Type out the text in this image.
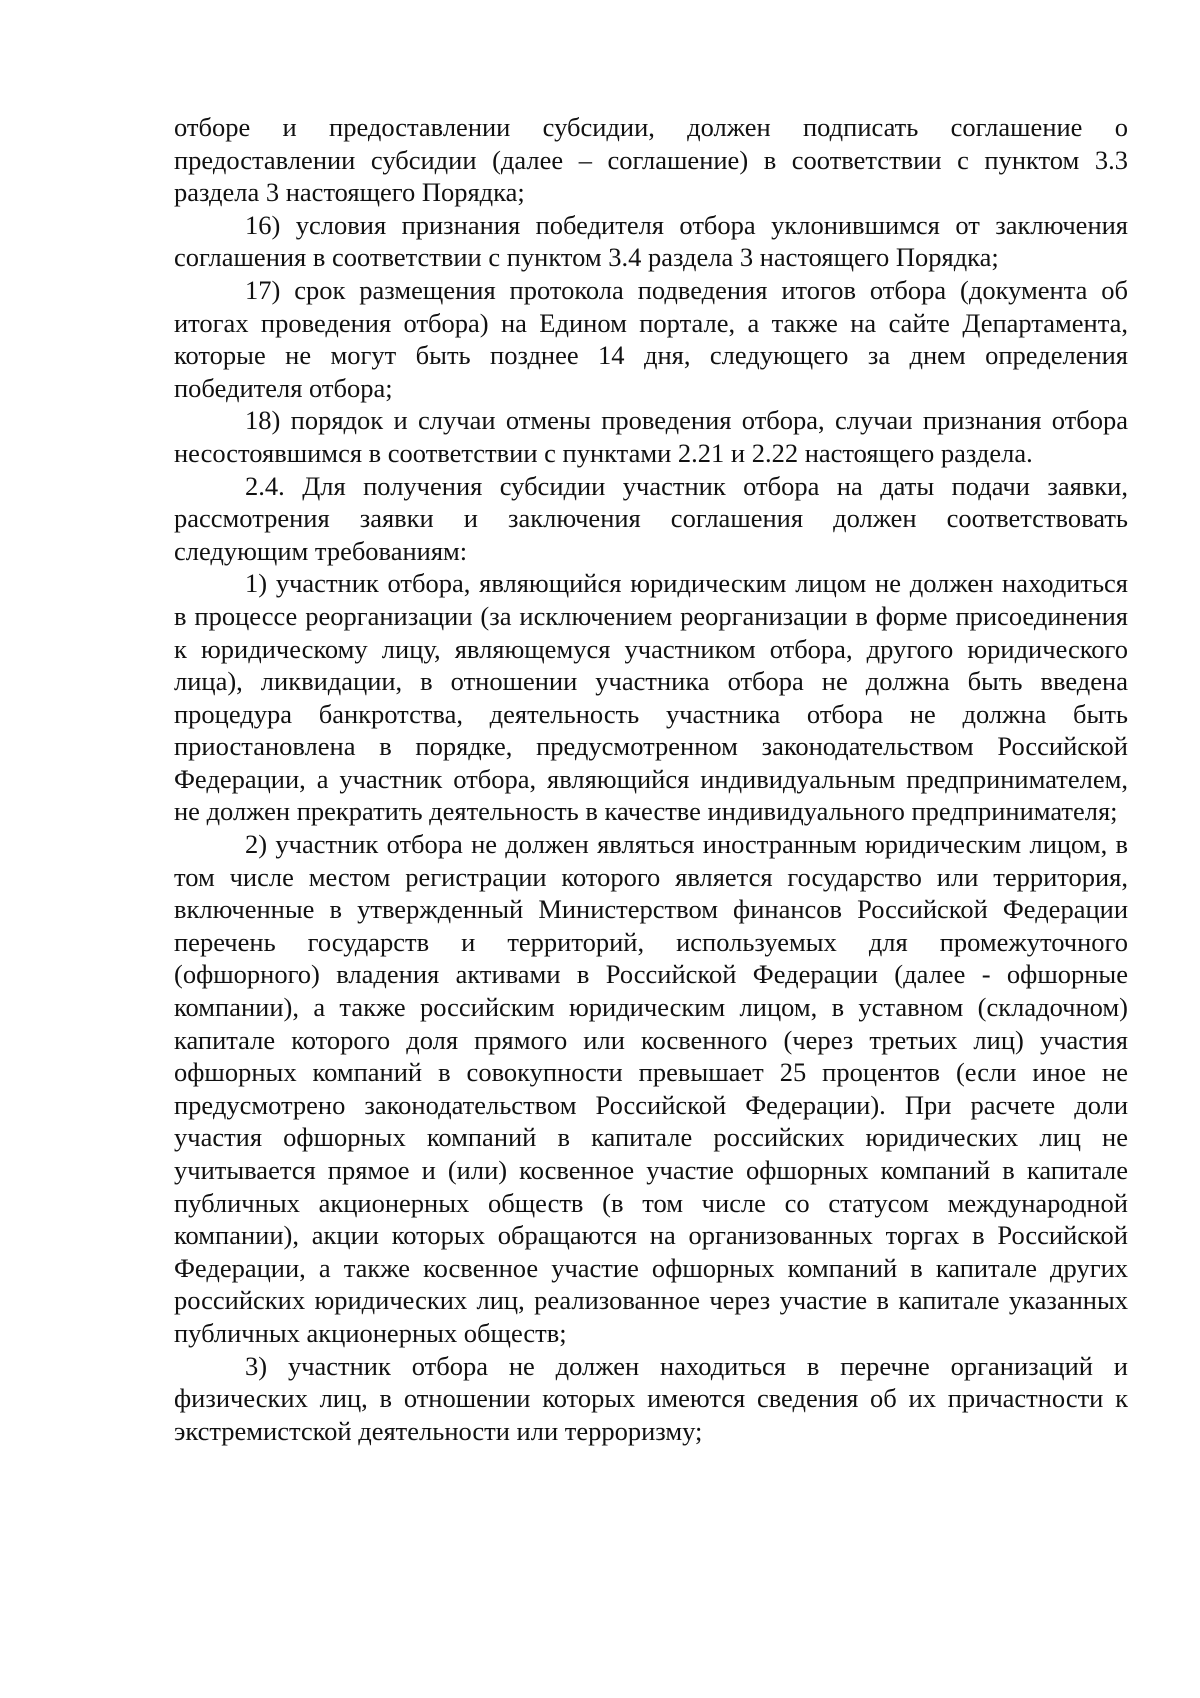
отборе и предоставлении субсидии, должен подписать соглашение о предоставлении субсидии (далее – соглашение) в соответствии с пунктом 3.3 раздела 3 настоящего Порядка;

16) условия признания победителя отбора уклонившимся от заключения соглашения в соответствии с пунктом 3.4 раздела 3 настоящего Порядка;

17) срок размещения протокола подведения итогов отбора (документа об итогах проведения отбора) на Едином портале, а также на сайте Департамента, которые не могут быть позднее 14 дня, следующего за днем определения победителя отбора;

18) порядок и случаи отмены проведения отбора, случаи признания отбора несостоявшимся в соответствии с пунктами 2.21 и 2.22 настоящего раздела.

2.4. Для получения субсидии участник отбора на даты подачи заявки, рассмотрения заявки и заключения соглашения должен соответствовать следующим требованиям:

1) участник отбора, являющийся юридическим лицом не должен находиться в процессе реорганизации (за исключением реорганизации в форме присоединения к юридическому лицу, являющемуся участником отбора, другого юридического лица), ликвидации, в отношении участника отбора не должна быть введена процедура банкротства, деятельность участника отбора не должна быть приостановлена в порядке, предусмотренном законодательством Российской Федерации, а участник отбора, являющийся индивидуальным предпринимателем, не должен прекратить деятельность в качестве индивидуального предпринимателя;

2) участник отбора не должен являться иностранным юридическим лицом, в том числе местом регистрации которого является государство или территория, включенные в утвержденный Министерством финансов Российской Федерации перечень государств и территорий, используемых для промежуточного (офшорного) владения активами в Российской Федерации (далее - офшорные компании), а также российским юридическим лицом, в уставном (складочном) капитале которого доля прямого или косвенного (через третьих лиц) участия офшорных компаний в совокупности превышает 25 процентов (если иное не предусмотрено законодательством Российской Федерации). При расчете доли участия офшорных компаний в капитале российских юридических лиц не учитывается прямое и (или) косвенное участие офшорных компаний в капитале публичных акционерных обществ (в том числе со статусом международной компании), акции которых обращаются на организованных торгах в Российской Федерации, а также косвенное участие офшорных компаний в капитале других российских юридических лиц, реализованное через участие в капитале указанных публичных акционерных обществ;

3) участник отбора не должен находиться в перечне организаций и физических лиц, в отношении которых имеются сведения об их причастности к экстремистской деятельности или терроризму;
